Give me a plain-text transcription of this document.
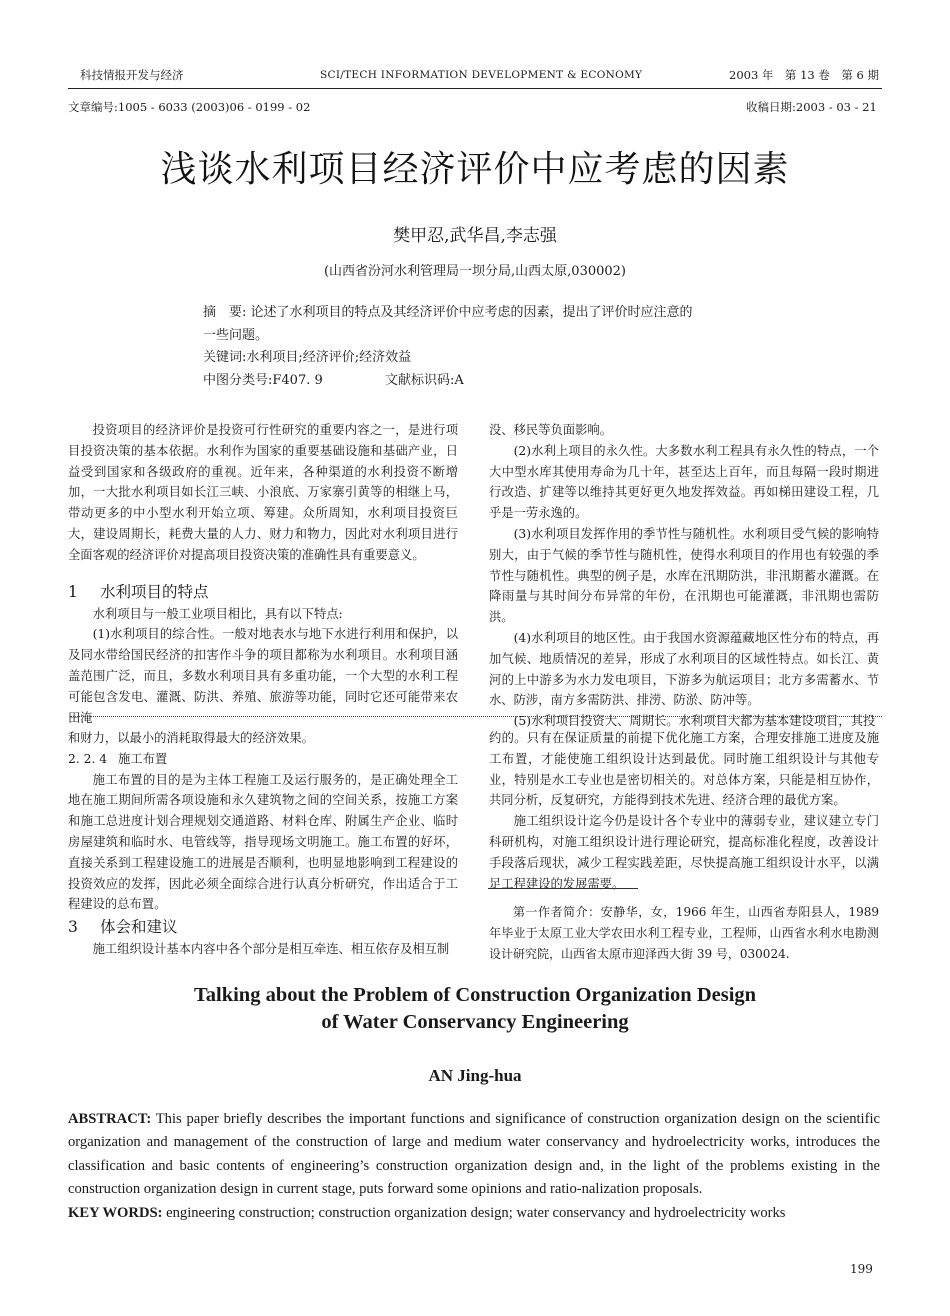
科技情报开发与经济	SCI/TECH INFORMATION DEVELOPMENT & ECONOMY	2003 年　第 13 卷　第 6 期
文章编号:1005 - 6033 (2003)06 - 0199 - 02	收稿日期:2003 - 03 - 21
浅谈水利项目经济评价中应考虑的因素
樊甲忍,武华昌,李志强
(山西省汾河水利管理局一坝分局,山西太原,030002)

摘　要: 论述了水利项目的特点及其经济评价中应考虑的因素，提出了评价时应注意的

一些问题。

关键词:水利项目;经济评价;经济效益

中图分类号:F407. 9	文献标识码:A

投资项目的经济评价是投资可行性研究的重要内容之一，是进行项目投资决策的基本依据。水利作为国家的重要基础设施和基础产业，日益受到国家和各级政府的重视。近年来，各种渠道的水利投资不断增加，一大批水利项目如长江三峡、小浪底、万家寨引黄等的相继上马，带动更多的中小型水利开始立项、筹建。众所周知，水利项目投资巨大，建设周期长，耗费大量的人力、财力和物力，因此对水利项目进行全面客观的经济评价对提高项目投资决策的准确性具有重要意义。

1 水利项目的特点

水利项目与一般工业项目相比，具有以下特点:

(1)水利项目的综合性。一般对地表水与地下水进行利用和保护，以及同水带给国民经济的扣害作斗争的项目都称为水利项目。水利项目涵盖范围广泛，而且，多数水利项目具有多重功能，一个大型的水利工程可能包含发电、灌溉、防洪、养殖、旅游等功能，同时它还可能带来农田淹

没、移民等负面影响。

(2)水利上项目的永久性。大多数水利工程具有永久性的特点，一个大中型水库其使用寿命为几十年，甚至达上百年，而且每隔一段时期进行改造、扩建等以维持其更好更久地发挥效益。再如梯田建设工程，几乎是一劳永逸的。

(3)水利项目发挥作用的季节性与随机性。水利项目受气候的影响特别大，由于气候的季节性与随机性，使得水利项目的作用也有较强的季节性与随机性。典型的例子是，水库在汛期防洪，非汛期蓄水灌溉。在降雨量与其时间分布异常的年份，在汛期也可能灌溉，非汛期也需防洪。

(4)水利项目的地区性。由于我国水资源蕴藏地区性分布的特点，再加气候、地质情况的差异，形成了水利项目的区域性特点。如长江、黄河的上中游多为水力发电项目，下游多为航运项目；北方多需蓄水、节水、防涉，南方多需防洪、排涝、防淤、防冲等。

(5)水利项目投资大、周期长。水利项目大都为基本建设项目，其投

和财力，以最小的消耗取得最大的经济效果。

2. 2. 4 施工布置

施工布置的目的是为主体工程施工及运行服务的，是正确处理全工地在施工期间所需各项设施和永久建筑物之间的空间关系，按施工方案和施工总进度计划合理规划交通道路、材料仓库、附属生产企业、临时房屋建筑和临时水、电管线等，指导现场文明施工。施工布置的好坏，直接关系到工程建设施工的进展是否顺利，也明显地影响到工程建设的投资效应的发挥，因此必须全面综合进行认真分析研究，作出适合于工程建设的总布置。

3 体会和建议

施工组织设计基本内容中各个部分是相互牵连、相互依存及相互制

约的。只有在保证质量的前提下优化施工方案，合理安排施工进度及施工布置，才能使施工组织设计达到最优。同时施工组织设计与其他专业，特别是水工专业也是密切相关的。对总体方案，只能是相互协作，共同分析，反复研究，方能得到技术先进、经济合理的最优方案。

施工组织设计迄今仍是设计各个专业中的薄弱专业，建议建立专门科研机构，对施工组织设计进行理论研究，提高标准化程度，改善设计手段落后现状，减少工程实践差距，尽快提高施工组织设计水平，以满足工程建设的发展需要。

第一作者简介：安静华，女，1966 年生，山西省寿阳县人，1989 年毕业于太原工业大学农田水利工程专业，工程师，山西省水利水电勘测设计研究院，山西省太原市迎泽西大街 39 号，030024.

Talking about the Problem of Construction Organization Design
of Water Conservancy Engineering
AN Jing-hua

ABSTRACT: This paper briefly describes the important functions and significance of construction organization design on the scientific organization and management of the construction of large and medium water conservancy and hydroelectricity works, introduces the classification and basic contents of engineering’s construction organization design and, in the light of the problems existing in the construction organization design in current stage, puts forward some opinions and ratio-nalization proposals.

KEY WORDS: engineering construction; construction organization design; water conservancy and hydroelectricity works

199
